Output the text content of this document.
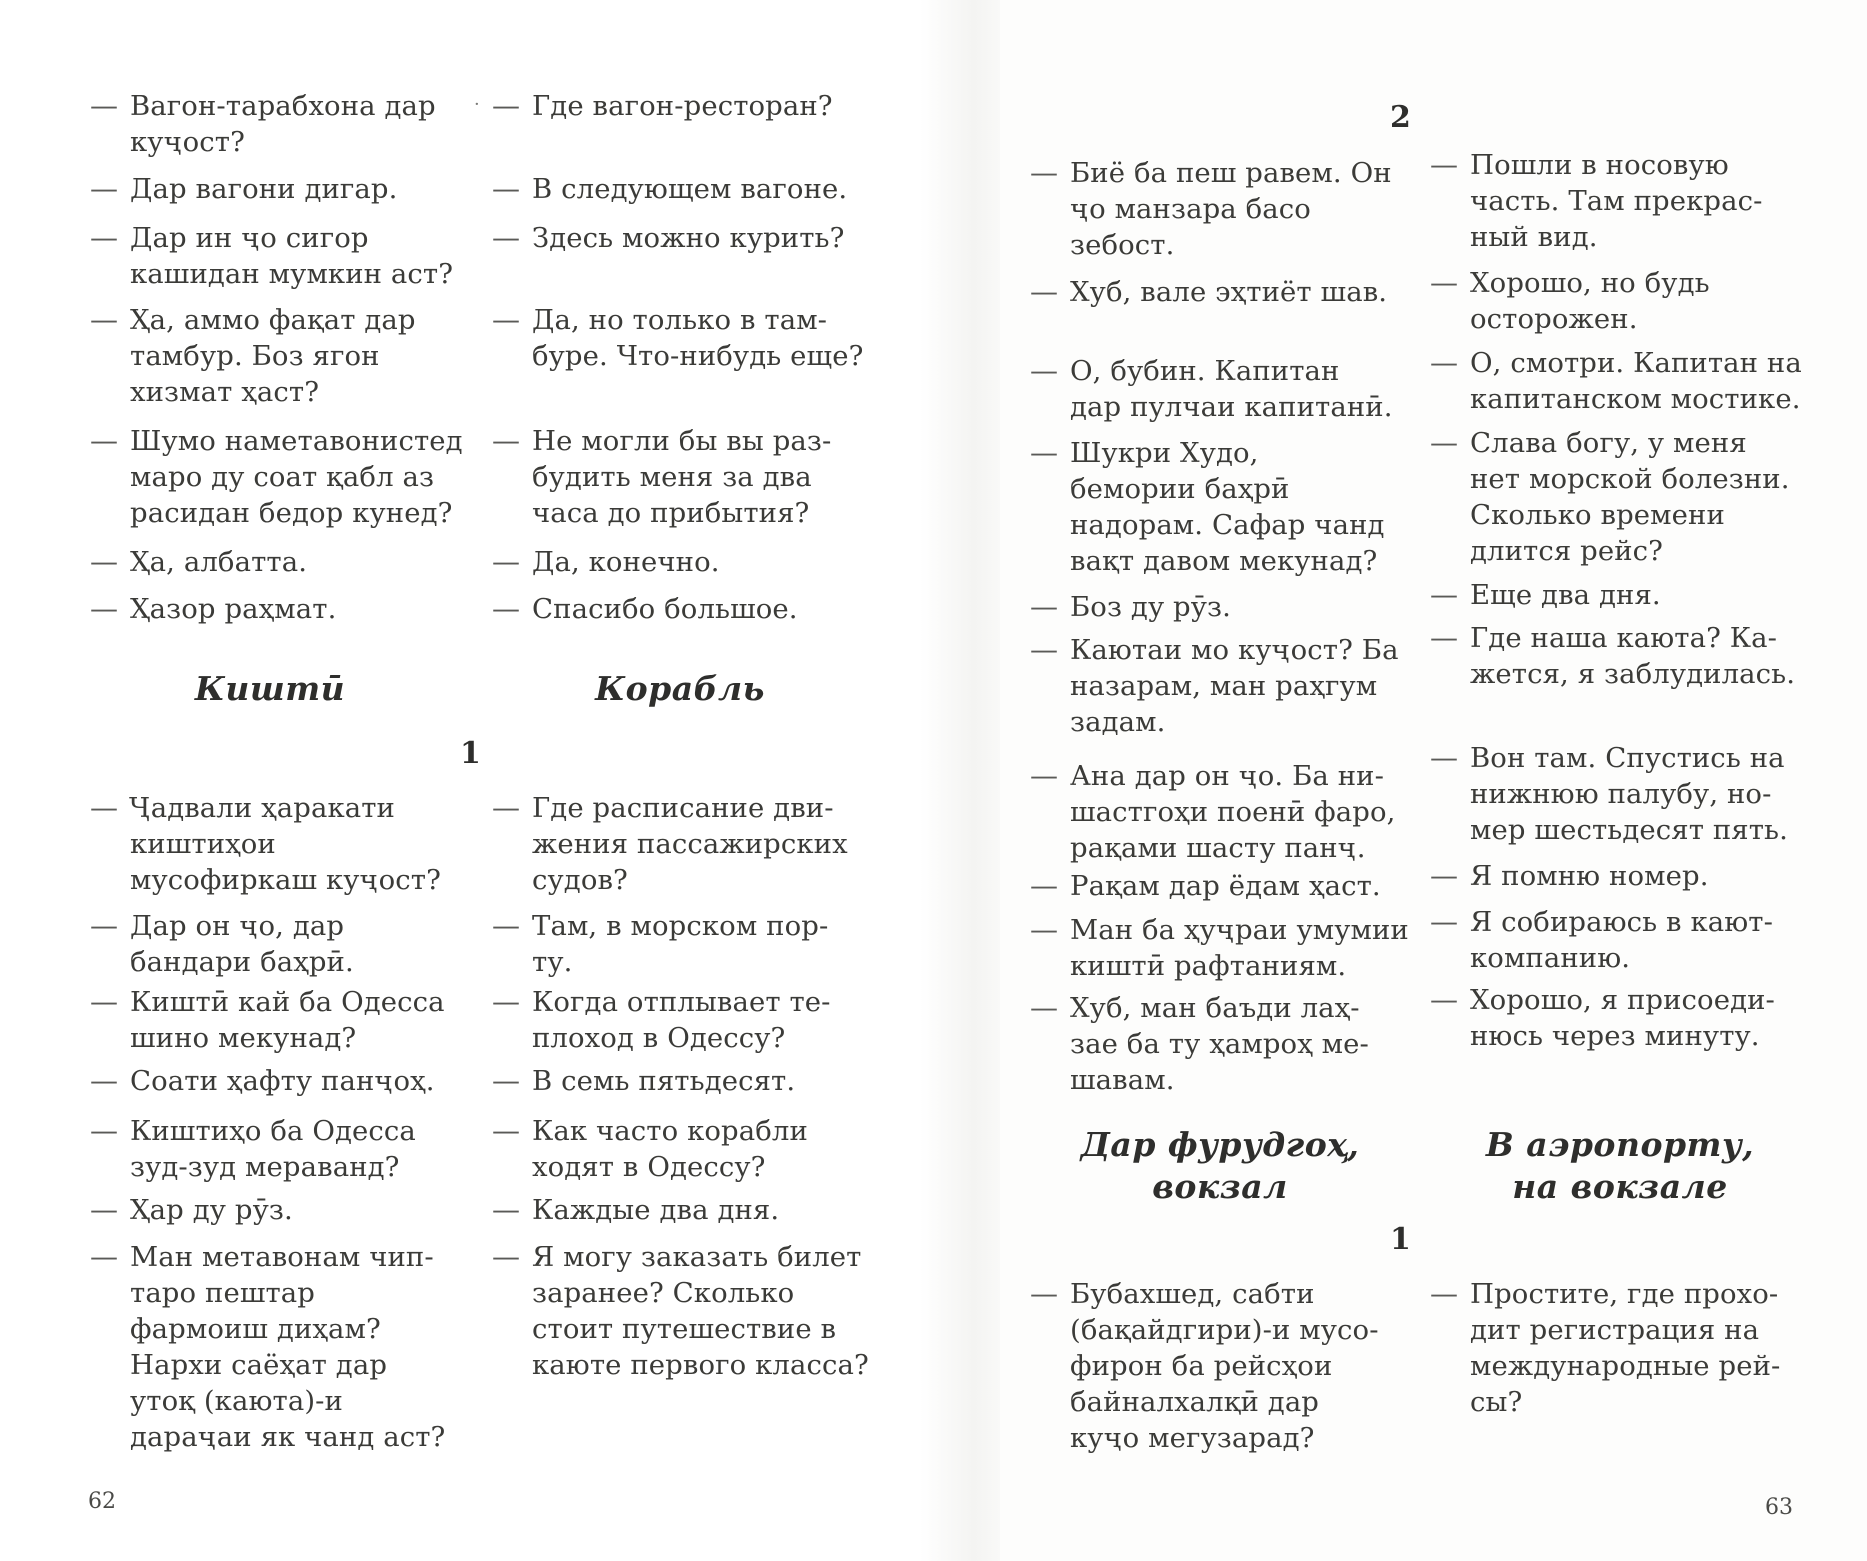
— Вагон-тарабхона дар
куҷост?
— Дар вагони дигар.
— Дар ин ҷо сигор
кашидан мумкин аст?
— Ҳа, аммо фақат дар
тамбур. Боз ягон
хизмат ҳаст?
— Шумо наметавонистед
маро ду соат қабл аз
расидан бедор кунед?
— Ҳа, албатта.
— Ҳазор раҳмат.
— Где вагон-ресторан?
— В следующем вагоне.
— Здесь можно курить?
— Да, но только в там-
буре. Что-нибудь еще?
— Не могли бы вы раз-
будить меня за два
часа до прибытия?
— Да, конечно.
— Спасибо большое.
Киштӣ	Корабль
1
— Ҷадвали ҳаракати
киштиҳои
мусофиркаш куҷост?
— Дар он ҷо, дар
бандари баҳрӣ.
— Киштӣ кай ба Одесса
шино мекунад?
— Соати ҳафту панҷоҳ.
— Киштиҳо ба Одесса
зуд-зуд мераванд?
— Ҳар ду рӯз.
— Ман метавонам чип-
таро пештар
фармоиш диҳам?
Нархи саёҳат дар
утоқ (каюта)-и
дараҷаи як чанд аст?
— Где расписание дви-
жения пассажирских
судов?
— Там, в морском пор-
ту.
— Когда отплывает те-
плоход в Одессу?
— В семь пятьдесят.
— Как часто корабли
ходят в Одессу?
— Каждые два дня.
— Я могу заказать билет
заранее? Сколько
стоит путешествие в
каюте первого класса?
62
·	2
— Биё ба пеш равем. Он
ҷо манзара басо
зебост.
— Хуб, вале эҳтиёт шав.
— О, бубин. Капитан
дар пулчаи капитанӣ.
— Шукри Худо,
бемории баҳрӣ
надорам. Сафар чанд
вақт давом мекунад?
— Боз ду рӯз.
— Каютаи мо куҷост? Ба
назарам, ман раҳгум
задам.
— Ана дар он ҷо. Ба ни-
шастгоҳи поенӣ фаро,
рақами шасту панҷ.
— Рақам дар ёдам ҳаст.
— Ман ба ҳуҷраи умумии
киштӣ рафтаниям.
— Хуб, ман баъди лаҳ-
зае ба ту ҳамроҳ ме-
шавам.
— Пошли в носовую
часть. Там прекрас-
ный вид.
— Хорошо, но будь
осторожен.
— О, смотри. Капитан на
капитанском мостике.
— Слава богу, у меня
нет морской болезни.
Сколько времени
длится рейс?
— Еще два дня.
— Где наша каюта? Ка-
жется, я заблудилась.
— Вон там. Спустись на
нижнюю палубу, но-
мер шестьдесят пять.
— Я помню номер.
— Я собираюсь в кают-
компанию.
— Хорошо, я присоеди-
нюсь через минуту.
Дар фурудгоҳ,
вокзал
В аэропорту,
на вокзале
1
— Бубахшед, сабти
(бақайдгири)-и мусо-
фирон ба рейсҳои
байналхалқӣ дар
куҷо мегузарад?
— Простите, где прохо-
дит регистрация на
международные рей-
сы?
63
